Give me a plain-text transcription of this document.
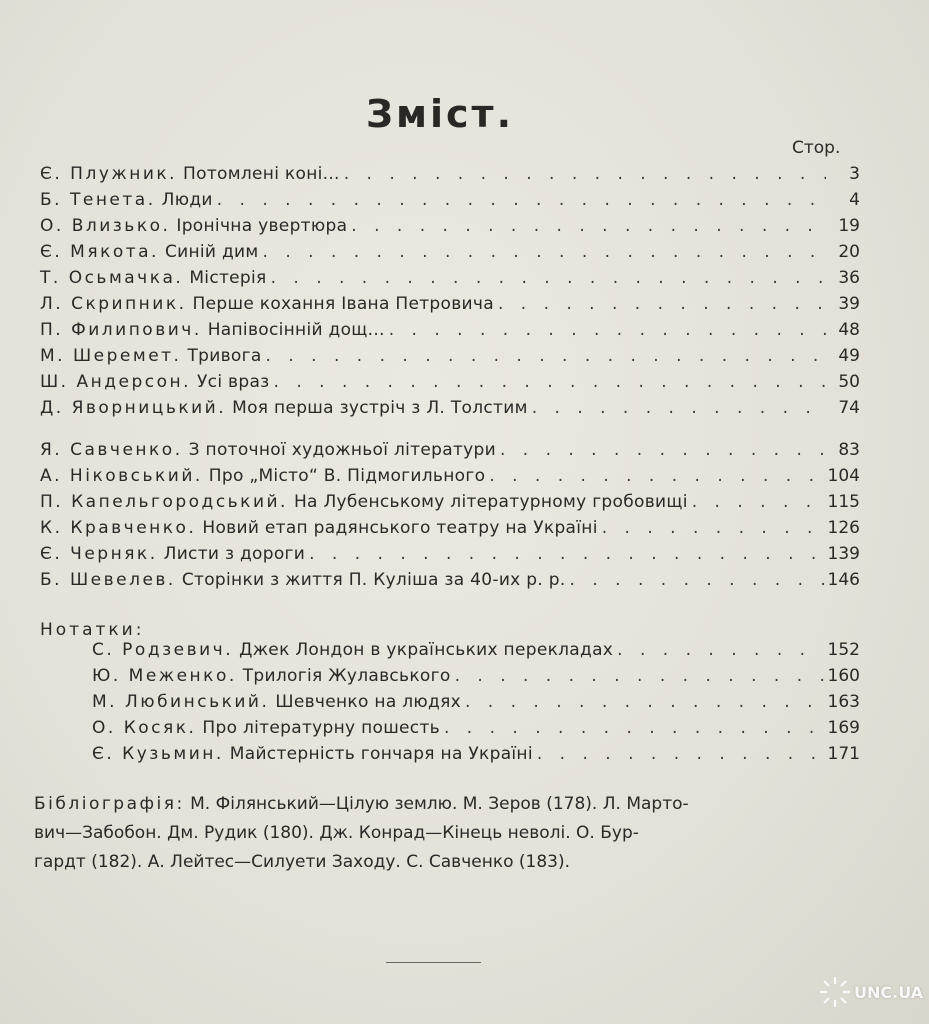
Зміст.
Стор.
Є. Плужник. Потомлені коні... . . .	3
Б. Тенета. Люди . . .	4
О. Влизько. Іронічна увертюра . . .	19
Є. Мякота. Синій дим . . .	20
Т. Осьмачка. Містерія . . .	36
Л. Скрипник. Перше кохання Івана Петровича . . .	39
П. Филипович. Напівосінній дощ... . . .	48
М. Шеремет. Тривога . . .	49
Ш. Андерсон. Усі враз . . .	50
Д. Яворницький. Моя перша зустріч з Л. Толстим . . .	74
Я. Савченко. З поточної художньої літератури . . .	83
А. Ніковський. Про „Місто“ В. Підмогильного . . .	104
П. Капельгородський. На Лубенському літературному гробовищі . . .	115
К. Кравченко. Новий етап радянського театру на Україні . . .	126
Є. Черняк. Листи з дороги . . .	139
Б. Шевелев. Сторінки з життя П. Куліша за 40-их р. р. . . .	146
Нотатки:
С. Родзевич. Джек Лондон в українських перекладах . . .	152
Ю. Меженко. Трилогія Жулавського . . .	160
М. Любинський. Шевченко на людях . . .	163
О. Косяк. Про літературну пошесть . . .	169
Є. Кузьмин. Майстерність гончаря на Україні . . .	171
Бібліографія: М. Філянський—Цілую землю. М. Зеров (178). Л. Марто-
вич—Забобон. Дм. Рудик (180). Дж. Конрад—Кінець неволі. О. Бур-
гардт (182). А. Лейтес—Силуети Заходу. С. Савченко (183).
UNC.UA
